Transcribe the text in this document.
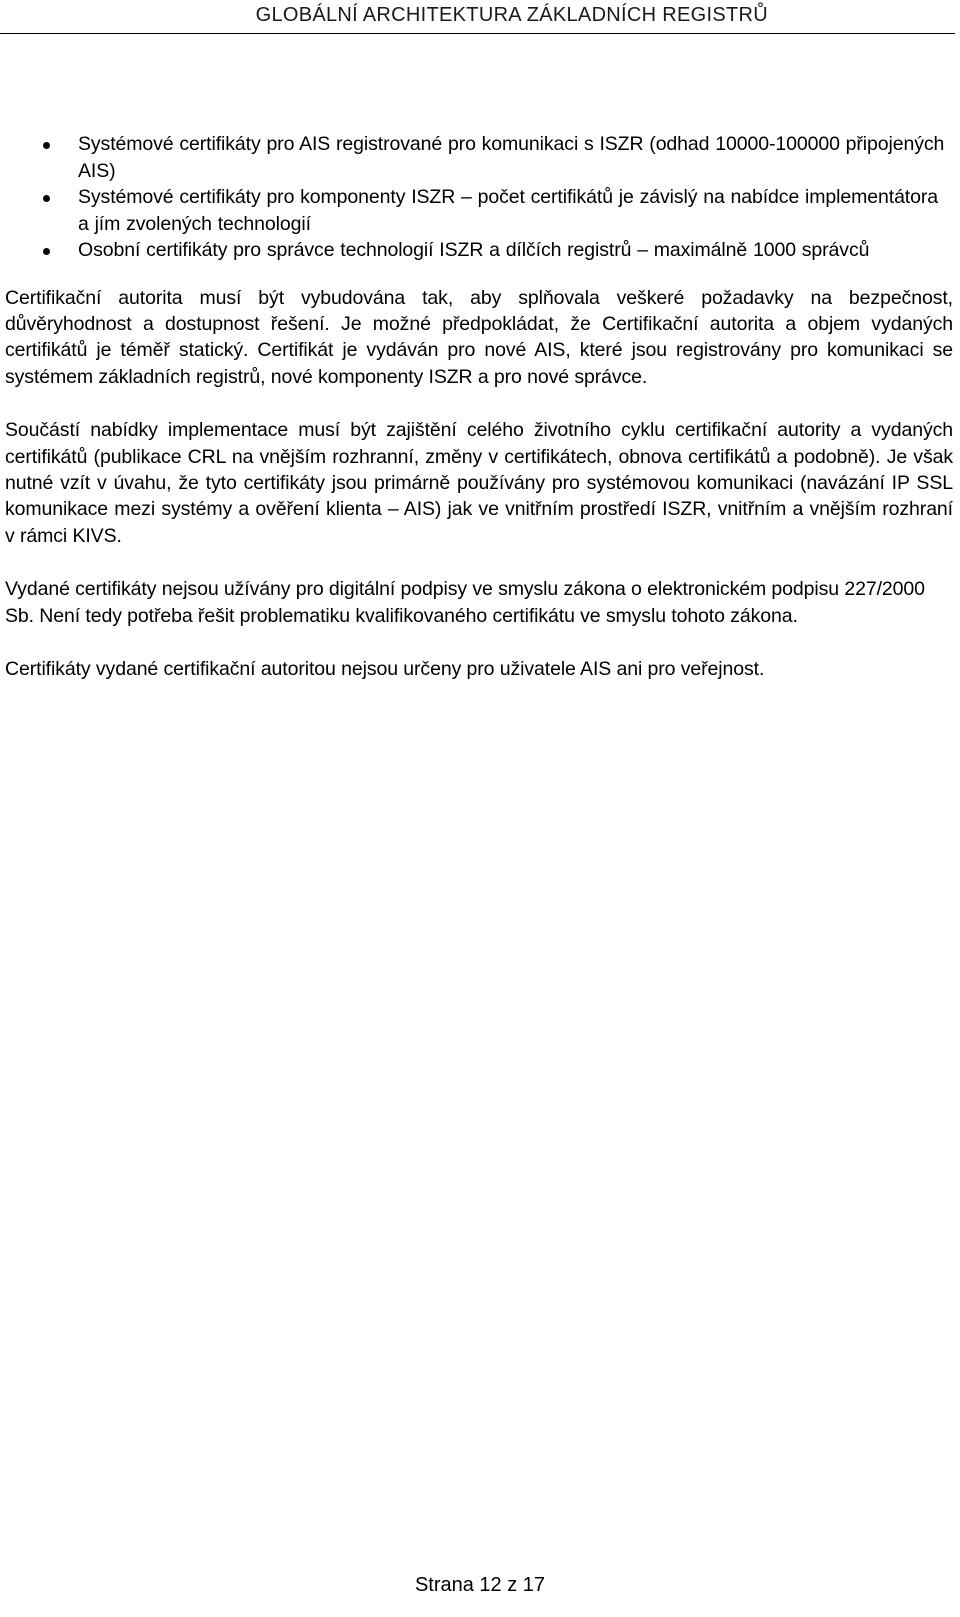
GLOBÁLNÍ ARCHITEKTURA ZÁKLADNÍCH REGISTRŮ
Systémové certifikáty pro AIS registrované pro komunikaci s ISZR (odhad 10000-100000 připojených AIS)
Systémové certifikáty pro komponenty ISZR – počet certifikátů je závislý na nabídce implementátora a jím zvolených technologií
Osobní certifikáty pro správce technologií ISZR a dílčích registrů – maximálně 1000 správců

Certifikační autorita musí být vybudována tak, aby splňovala veškeré požadavky na bezpečnost, důvěryhodnost a dostupnost řešení. Je možné předpokládat, že Certifikační autorita a objem vydaných certifikátů je téměř statický. Certifikát je vydáván pro nové AIS, které jsou registrovány pro komunikaci se systémem základních registrů, nové komponenty ISZR a pro nové správce.

Součástí nabídky implementace musí být zajištění celého životního cyklu certifikační autority a vydaných certifikátů (publikace CRL na vnějším rozhranní, změny v certifikátech, obnova certifikátů a podobně). Je však nutné vzít v úvahu, že tyto certifikáty jsou primárně používány pro systémovou komunikaci (navázání IP SSL komunikace mezi systémy a ověření klienta – AIS) jak ve vnitřním prostředí ISZR, vnitřním a vnějším rozhraní v rámci KIVS.

Vydané certifikáty nejsou užívány pro digitální podpisy ve smyslu zákona o elektronickém podpisu 227/2000 Sb. Není tedy potřeba řešit problematiku kvalifikovaného certifikátu ve smyslu tohoto zákona.

Certifikáty vydané certifikační autoritou nejsou určeny pro uživatele AIS ani pro veřejnost.

Strana 12 z 17
